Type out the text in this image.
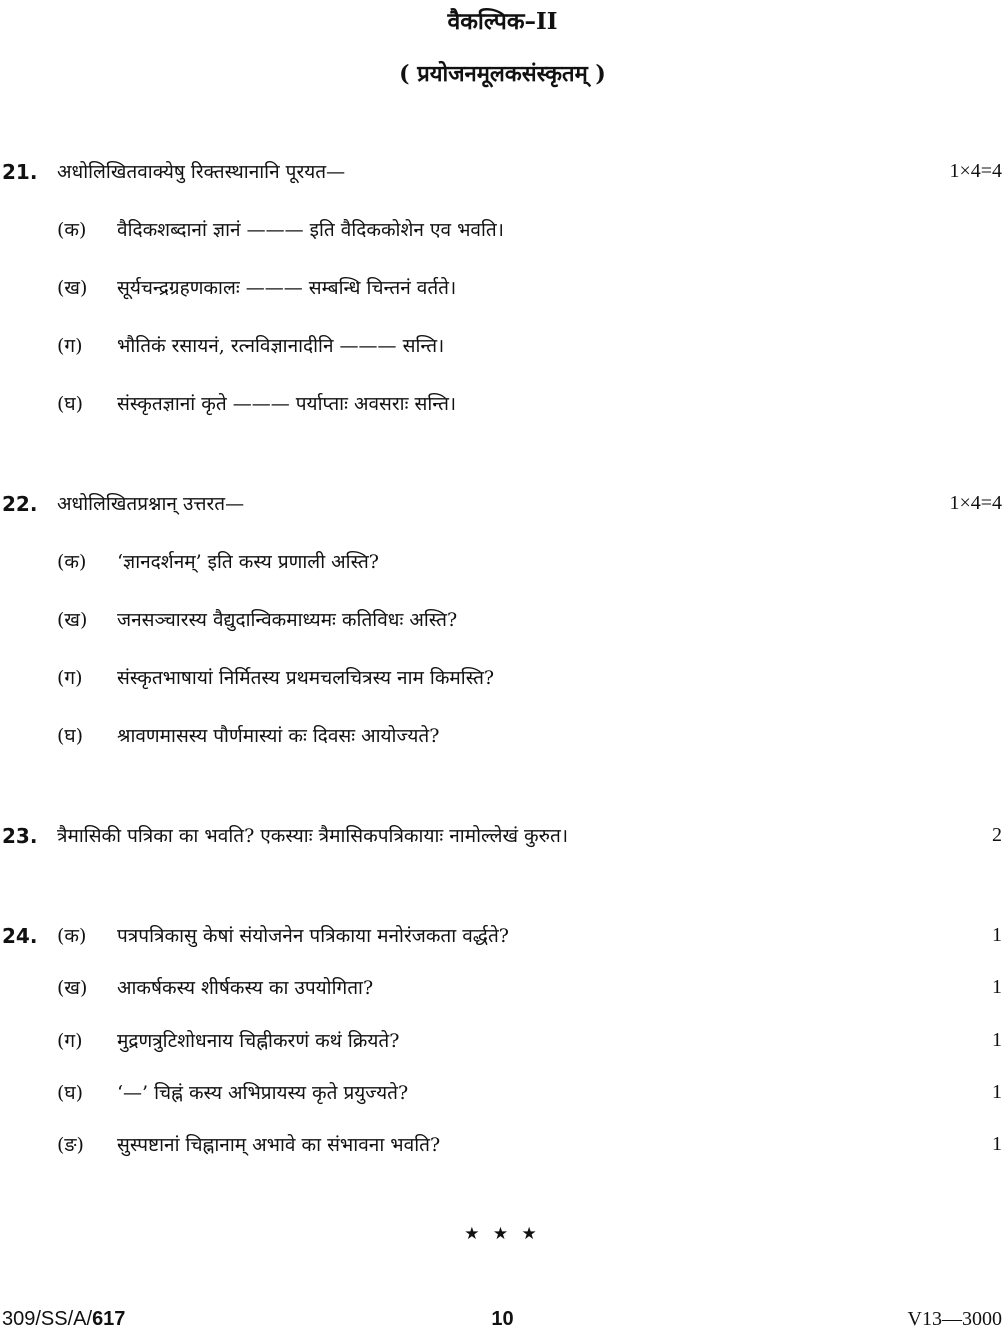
वैकल्पिक–II
( प्रयोजनमूलकसंस्कृतम् )
21. अधोलिखितवाक्येषु रिक्तस्थानानि पूरयत—	1×4=4
(क) वैदिकशब्दानां ज्ञानं ——— इति वैदिककोशेन एव भवति।
(ख) सूर्यचन्द्रग्रहणकालः ——— सम्बन्धि चिन्तनं वर्तते।
(ग) भौतिकं रसायनं, रत्नविज्ञानादीनि ——— सन्ति।
(घ) संस्कृतज्ञानां कृते ——— पर्याप्ताः अवसराः सन्ति।
22. अधोलिखितप्रश्नान् उत्तरत—	1×4=4
(क) ‘ज्ञानदर्शनम्’ इति कस्य प्रणाली अस्ति?
(ख) जनसञ्चारस्य वैद्युदान्विकमाध्यमः कतिविधः अस्ति?
(ग) संस्कृतभाषायां निर्मितस्य प्रथमचलचित्रस्य नाम किमस्ति?
(घ) श्रावणमासस्य पौर्णमास्यां कः दिवसः आयोज्यते?
23. त्रैमासिकी पत्रिका का भवति? एकस्याः त्रैमासिकपत्रिकायाः नामोल्लेखं कुरुत।	2
24. (क) पत्रपत्रिकासु केषां संयोजनेन पत्रिकाया मनोरंजकता वर्द्धते?	1
(ख) आकर्षकस्य शीर्षकस्य का उपयोगिता?	1
(ग) मुद्रणत्रुटिशोधनाय चिह्नीकरणं कथं क्रियते?	1
(घ) ‘—’ चिह्नं कस्य अभिप्रायस्य कृते प्रयुज्यते?	1
(ङ) सुस्पष्टानां चिह्नानाम् अभावे का संभावना भवति?	1
★ ★ ★
309/SS/A/617	10	V13—3000
